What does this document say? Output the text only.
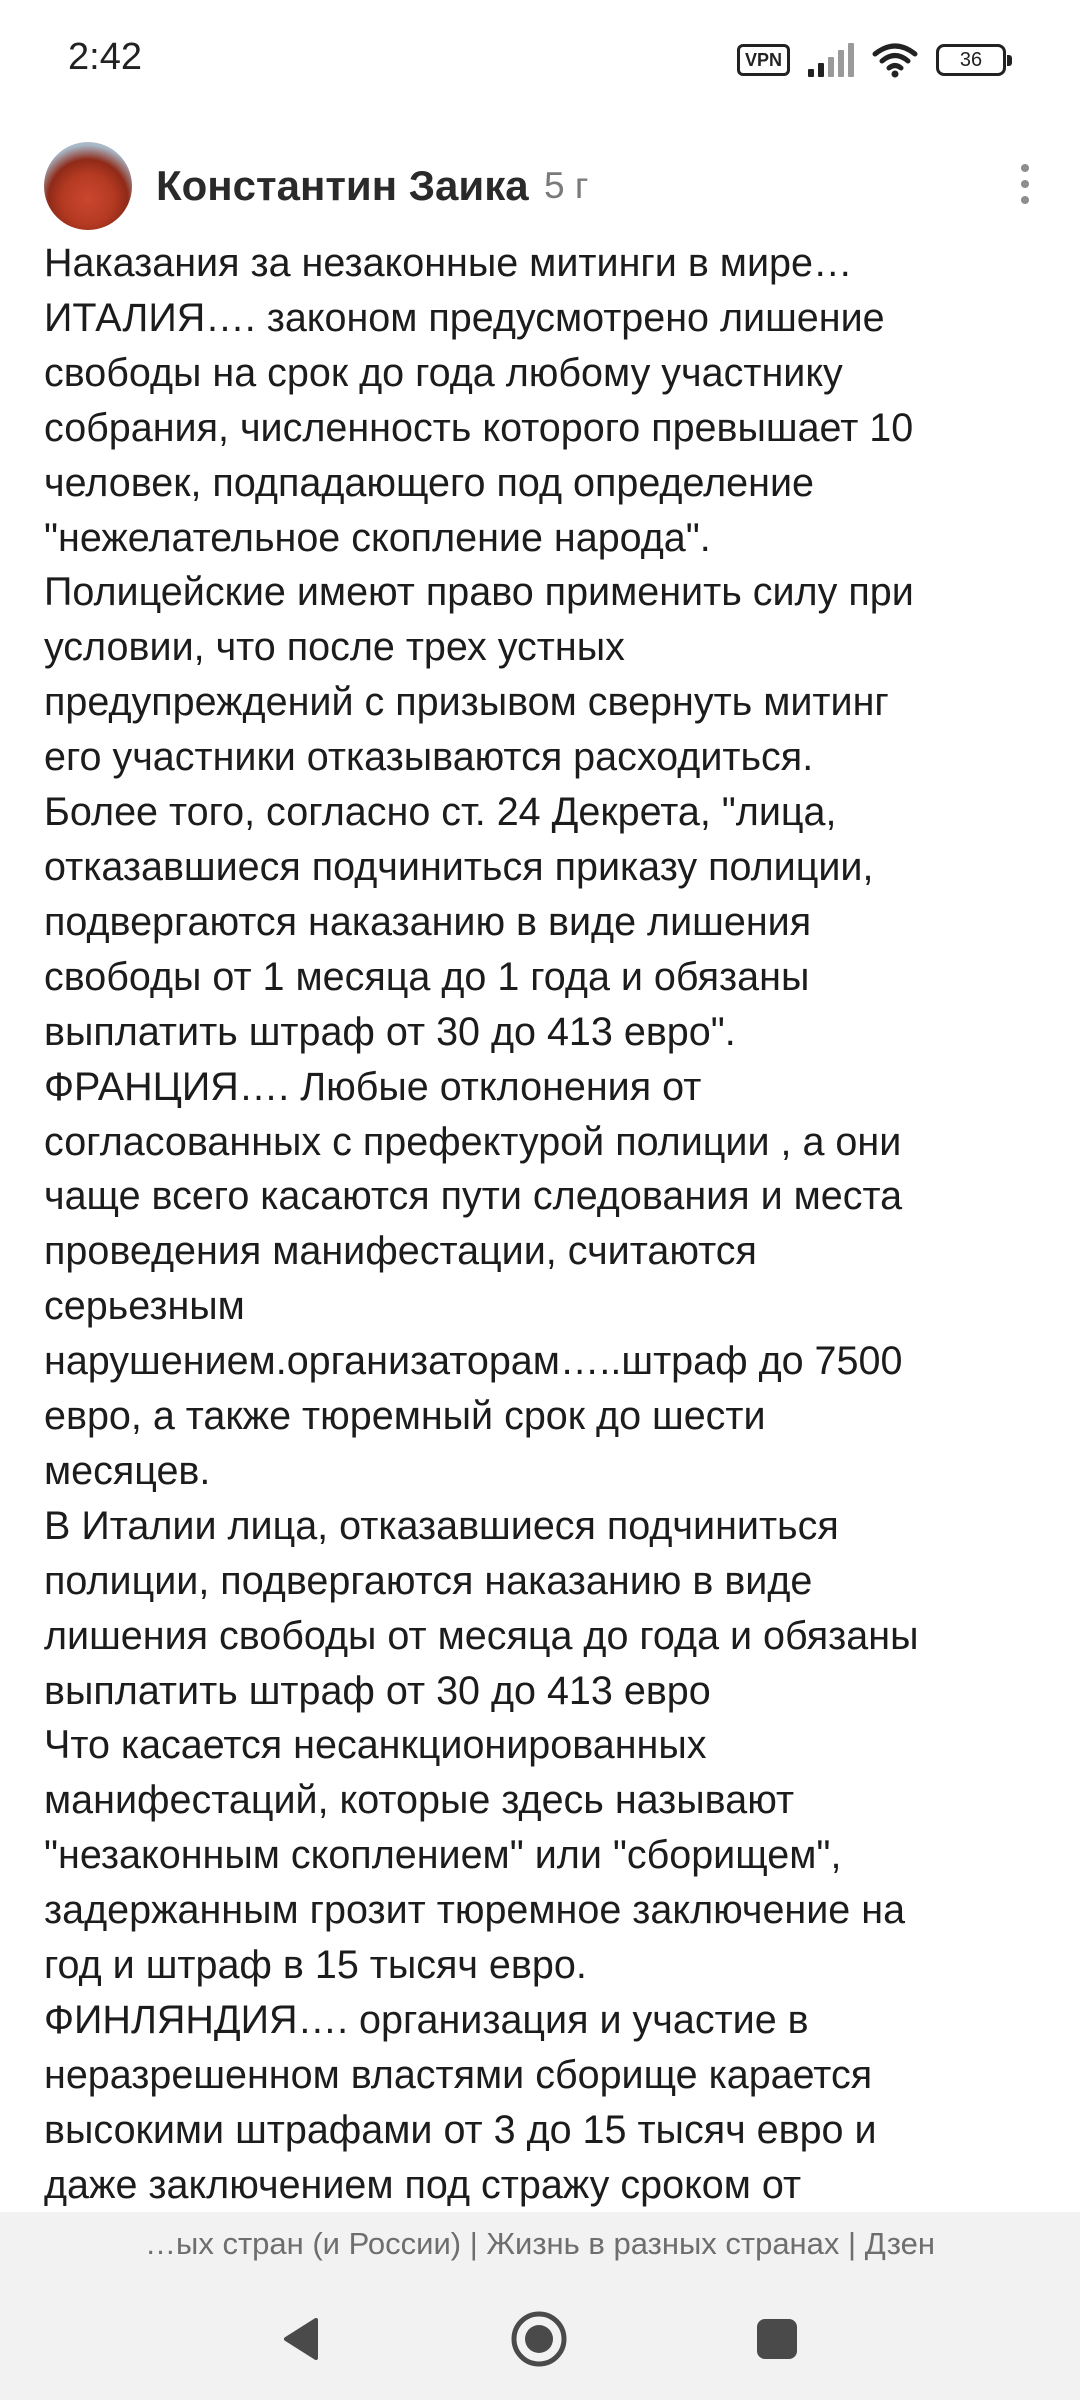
2:42	VPN	36
Константин Заика 5 г
Наказания за незаконные митинги в мире…
ИТАЛИЯ…. законом предусмотрено лишение
свободы на срок до года любому участнику
собрания, численность которого превышает 10
человек, подпадающего под определение
"нежелательное скопление народа".
Полицейские имеют право применить силу при
условии, что после трех устных
предупреждений с призывом свернуть митинг
его участники отказываются расходиться.
Более того, согласно ст. 24 Декрета, "лица,
отказавшиеся подчиниться приказу полиции,
подвергаются наказанию в виде лишения
свободы от 1 месяца до 1 года и обязаны
выплатить штраф от 30 до 413 евро".
ФРАНЦИЯ…. Любые отклонения от
согласованных с префектурой полиции , а они
чаще всего касаются пути следования и места
проведения манифестации, считаются
серьезным
нарушением.организаторам…..штраф до 7500
евро, а также тюремный срок до шести
месяцев.
В Италии лица, отказавшиеся подчиниться
полиции, подвергаются наказанию в виде
лишения свободы от месяца до года и обязаны
выплатить штраф от 30 до 413 евро
Что касается несанкционированных
манифестаций, которые здесь называют
"незаконным скоплением" или "сборищем",
задержанным грозит тюремное заключение на
год и штраф в 15 тысяч евро.
ФИНЛЯНДИЯ…. организация и участие в
неразрешенном властями сборище карается
высокими штрафами от 3 до 15 тысяч евро и
даже заключением под стражу сроком от
…ых стран (и России) | Жизнь в разных странах | Дзен
